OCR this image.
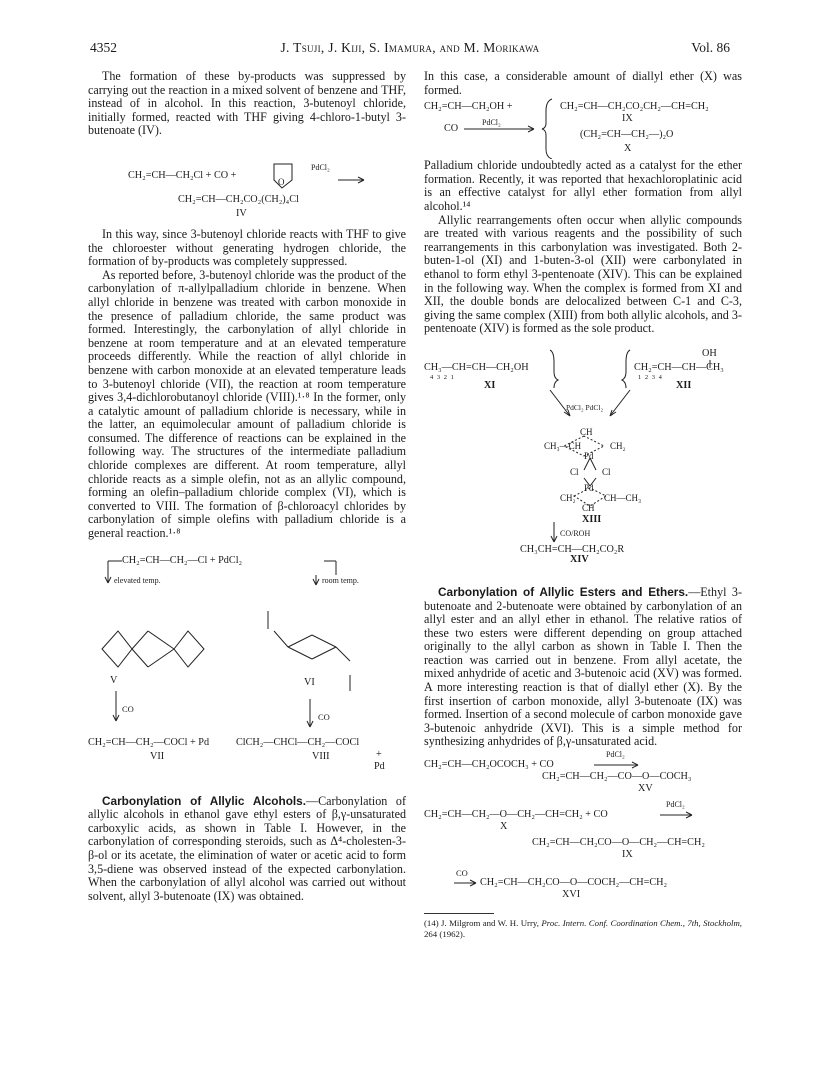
4352	J. Tsuji, J. Kiji, S. Imamura, and M. Morikawa	Vol. 86

The formation of these by-products was suppressed by carrying out the reaction in a mixed solvent of benzene and THF, instead of in alcohol. In this reaction, 3-butenoyl chloride, initially formed, reacted with THF giving 4-chloro-1-butyl 3-butenoate (IV).

CH₂=CH—CH₂Cl + CO +
O
PdCl₂
CH₂=CH—CH₂CO₂(CH₂)₄Cl
IV

In this way, since 3-butenoyl chloride reacts with THF to give the chloroester without generating hydrogen chloride, the formation of by-products was completely suppressed.

As reported before, 3-butenoyl chloride was the product of the carbonylation of π-allylpalladium chloride in benzene. When allyl chloride in benzene was treated with carbon monoxide in the presence of palladium chloride, the same product was formed. Interestingly, the carbonylation of allyl chloride in benzene at room temperature and at an elevated temperature proceeds differently. While the reaction of allyl chloride in benzene with carbon monoxide at an elevated temperature leads to 3-butenoyl chloride (VII), the reaction at room temperature gives 3,4-dichlorobutanoyl chloride (VIII).¹·⁸ In the former, only a catalytic amount of palladium chloride is necessary, while in the latter, an equimolecular amount of palladium chloride is consumed. The difference of reactions can be explained in the following way. The structures of the intermediate palladium chloride complexes are different. At room temperature, allyl chloride reacts as a simple olefin, not as an allylic compound, forming an olefin–palladium chloride complex (VI), which is converted to VIII. The formation of β-chloroacyl chlorides by carbonylation of simple olefins with palladium chloride is a general reaction.¹·⁸

CH₂=CH—CH₂—Cl + PdCl₂
elevated temp.	room temp.
V	VI
CO
CO
CH₂=CH—CH₂—COCl + Pd	ClCH₂—CHCl—CH₂—COCl
+
Pd
VII	VIII

Carbonylation of Allylic Alcohols.—Carbonylation of allylic alcohols in ethanol gave ethyl esters of β,γ-unsaturated carboxylic acids, as shown in Table I. However, in the carbonylation of corresponding steroids, such as Δ⁴-cholesten-3-β-ol or its acetate, the elimination of water or acetic acid to form 3,5-diene was observed instead of the expected carbonylation. When the carbonylation of allyl alcohol was carried out without solvent, allyl 3-butenoate (IX) was obtained.

In this case, a considerable amount of diallyl ether (X) was formed.

CH₂=CH—CH₂OH +
PdCl₂
CO
CH₂=CH—CH₂CO₂CH₂—CH=CH₂
IX
(CH₂=CH—CH₂—)₂O
X

Palladium chloride undoubtedly acted as a catalyst for the ether formation. Recently, it was reported that hexachloroplatinic acid is an effective catalyst for allyl ether formation from allyl alcohol.¹⁴

Allylic rearrangements often occur when allylic compounds are treated with various reagents and the possibility of such rearrangements in this carbonylation was investigated. Both 2-buten-1-ol (XI) and 1-buten-3-ol (XII) were carbonylated in ethanol to form ethyl 3-pentenoate (XIV). This can be explained in the following way. When the complex is formed from XI and XII, the double bonds are delocalized between C-1 and C-3, giving the same complex (XIII) from both allylic alcohols, and 3-pentenoate (XIV) is formed as the sole product.

CH₃—CH=CH—CH₂OH
4 3 2 1
XI
OH
CH₂=CH—CH—CH₃
1 2 3 4
XII
PdCl₂ PdCl₂
CH₃—CH	CH₂
CH
Pd
Cl	Cl
Pd
CH₂	CH—CH₃
CH
XIII
CO/ROH
CH₃CH=CH—CH₂CO₂R
XIV

Carbonylation of Allylic Esters and Ethers.—Ethyl 3-butenoate and 2-butenoate were obtained by carbonylation of an allyl ester and an allyl ether in ethanol. The relative ratios of these two esters were different depending on group attached originally to the allyl carbon as shown in Table I. Then the reaction was carried out in benzene. From allyl acetate, the mixed anhydride of acetic and 3-butenoic acid (XV) was formed. A more interesting reaction is that of diallyl ether (X). By the first insertion of carbon monoxide, allyl 3-butenoate (IX) was formed. Insertion of a second molecule of carbon monoxide gave 3-butenoic anhydride (XVI). This is a simple method for synthesizing anhydrides of β,γ-unsaturated acid.

CH₂=CH—CH₂OCOCH₃ + CO
PdCl₂
CH₂=CH—CH₂—CO—O—COCH₃
XV
CH₂=CH—CH₂—O—CH₂—CH=CH₂ + CO
PdCl₂
X
CH₂=CH—CH₂CO—O—CH₂—CH=CH₂
IX
CO
CH₂=CH—CH₂CO—O—COCH₂—CH=CH₂
XVI
(14) J. Milgrom and W. H. Urry, Proc. Intern. Conf. Coordination Chem., 7th, Stockholm, 264 (1962).
